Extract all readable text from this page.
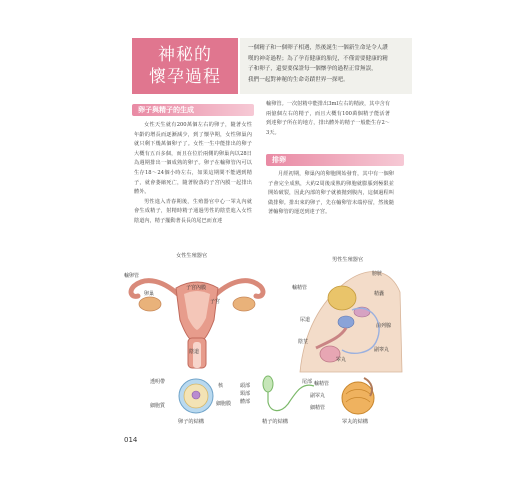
神秘的
懷孕過程
一個精子和一個卵子相遇，然後誕生一個新生命是令人讚
嘆的神奇過程；為了孕育健康的胎兒，不僅需要健康的精
子和卵子，還要要保證每一個懷孕的過程正常無誤，
我們一起對神秘的生命奇蹟世界一探吧。
卵子與精子的生成

女性天生就有200萬個左右的卵子，隨著女性年齡的增長而逐漸減少，到了懷孕期，女性卵巢內就只剩下幾萬個卵子了。女性一生中能排出的卵子大概有五百多個，而且在位於兩側的卵巢內以28日為週期排出一個成熟的卵子。卵子在輸卵管內可以生存18～24個小時左右，如果這期間不能遇到精子，就會萎縮死亡，隨著脫落的子宮內膜一起排出體外。

男性進入青春期後，生殖器官中心一睪丸內就會生成精子，射精時精子通過男性的陰莖進入女性陰道內，精子擺動著長長的尾巴而直達

輸卵管。一次射精中能排出3ml左右的精液，其中含有兩億個左右的精子，而且大概有100萬個精子能活著到達卵子所在的地方，排出體外的精子一般能生存2～3天。
排卵

月經初期，卵巢內的卵胞開始發育，其中有一個卵子會完全成熟，大約2周後成熟的卵胞就膨脹到極限並開始破裂，因此內部的卵子就被拋到腹內，這個過程叫做排卵。排出來的卵子，先在輸卵管末端停留，然後隨著輸卵管的運送到達子宮。

女性生殖器官
輸卵管
卵巢
子宮內膜
子宮
陰道
男性生殖器官
膀胱
輸精管
精囊
前列腺
尿道
陰莖
睪丸
副睾丸
透明帶
細胞質
核
細胞膜
卵子的結構
頭部
頸部
體部
尾部
精子的結構
輸精管
副睪丸
細精管
睪丸的結構
014
